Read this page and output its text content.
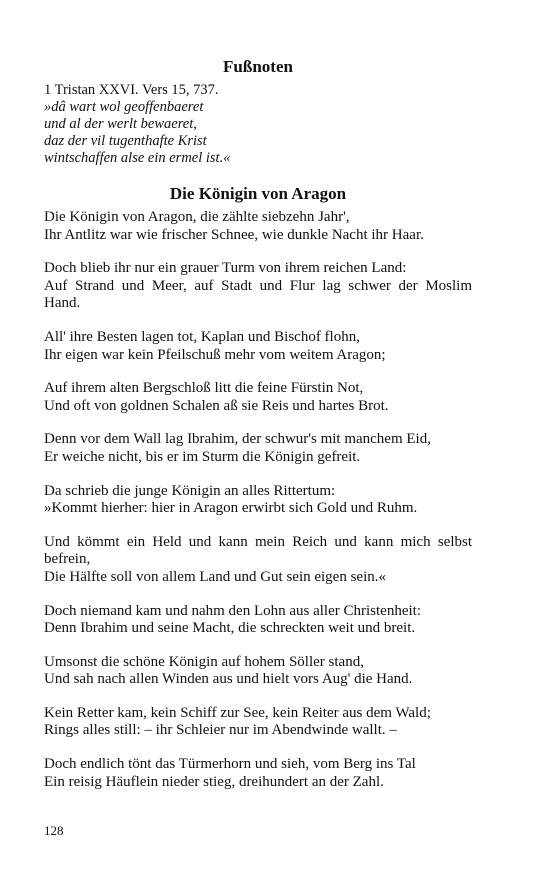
Fußnoten

1 Tristan XXVI. Vers 15, 737.

»dâ wart wol geoffenbaeret

und al der werlt bewaeret,

daz der vil tugenthafte Krist

wintschaffen alse ein ermel ist.«

Die Königin von Aragon
Die Königin von Aragon, die zählte siebzehn Jahr',
Ihr Antlitz war wie frischer Schnee, wie dunkle Nacht ihr Haar.
Doch blieb ihr nur ein grauer Turm von ihrem reichen Land:
Auf Strand und Meer, auf Stadt und Flur lag schwer der Moslim
Hand.
All' ihre Besten lagen tot, Kaplan und Bischof flohn,
Ihr eigen war kein Pfeilschuß mehr vom weitem Aragon;
Auf ihrem alten Bergschloß litt die feine Fürstin Not,
Und oft von goldnen Schalen aß sie Reis und hartes Brot.
Denn vor dem Wall lag Ibrahim, der schwur's mit manchem Eid,
Er weiche nicht, bis er im Sturm die Königin gefreit.
Da schrieb die junge Königin an alles Rittertum:
»Kommt hierher: hier in Aragon erwirbt sich Gold und Ruhm.
Und kömmt ein Held und kann mein Reich und kann mich selbst
befrein,
Die Hälfte soll von allem Land und Gut sein eigen sein.«
Doch niemand kam und nahm den Lohn aus aller Christenheit:
Denn Ibrahim und seine Macht, die schreckten weit und breit.
Umsonst die schöne Königin auf hohem Söller stand,
Und sah nach allen Winden aus und hielt vors Aug' die Hand.
Kein Retter kam, kein Schiff zur See, kein Reiter aus dem Wald;
Rings alles still: – ihr Schleier nur im Abendwinde wallt. –
Doch endlich tönt das Türmerhorn und sieh, vom Berg ins Tal
Ein reisig Häuflein nieder stieg, dreihundert an der Zahl.
128
